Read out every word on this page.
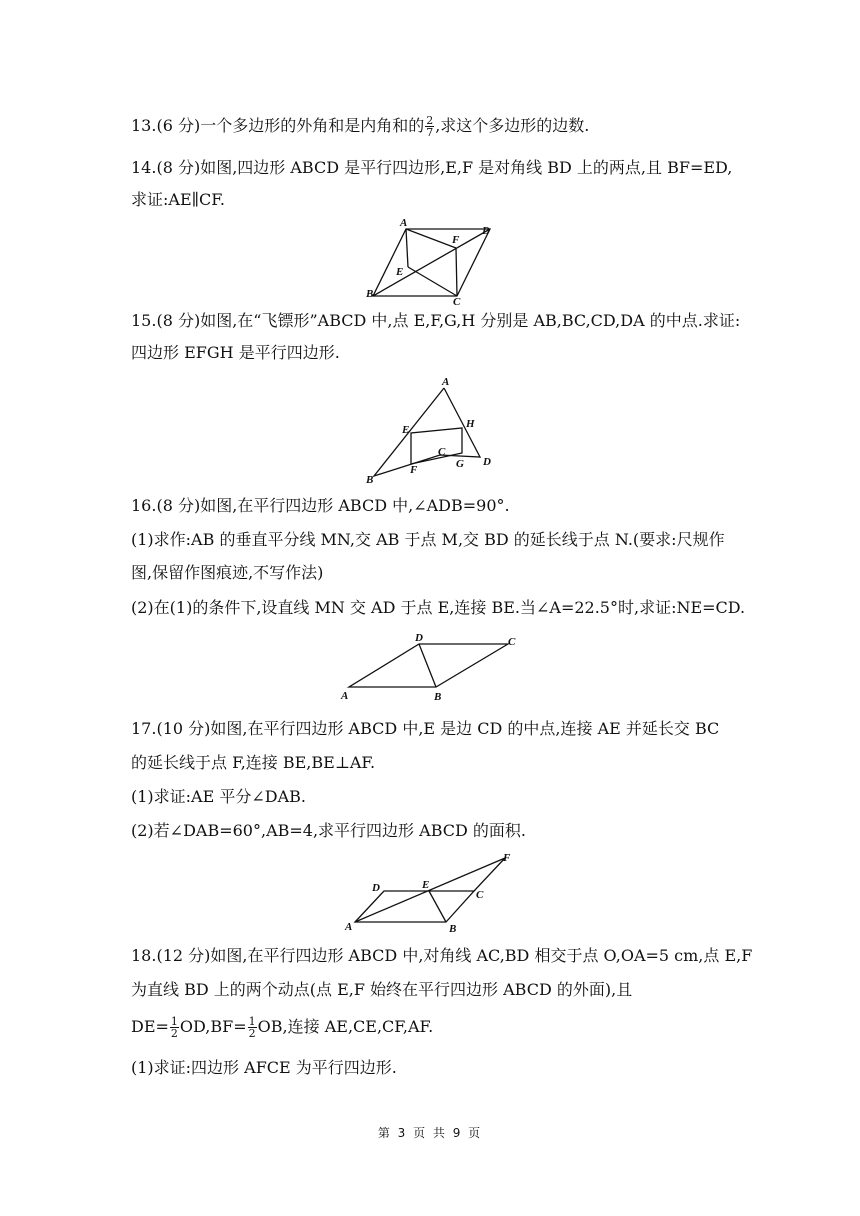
13.(6 分)一个多边形的外角和是内角和的 $\frac{2}{7}$ ,求这个多边形的边数.
14.(8 分)如图,四边形 ABCD 是平行四边形,E,F 是对角线 BD 上的两点,且 BF=ED,
求证:AE∥CF.
A
D
F
E
B
C
15.(8 分)如图,在“飞镖形”ABCD 中,点 E,F,G,H 分别是 AB,BC,CD,DA 的中点.求证:
四边形 EFGH 是平行四边形.
A
E	H
C
G D
F
B
16.(8 分)如图,在平行四边形 ABCD 中,∠ADB=90°.
(1)求作:AB 的垂直平分线 MN,交 AB 于点 M,交 BD 的延长线于点 N.(要求:尺规作
图,保留作图痕迹,不写作法)
(2)在(1)的条件下,设直线 MN 交 AD 于点 E,连接 BE.当∠A=22.5°时,求证:NE=CD.
D	C
A	B
17.(10 分)如图,在平行四边形 ABCD 中,E 是边 CD 的中点,连接 AE 并延长交 BC
的延长线于点 F,连接 BE,BE⊥AF.
(1)求证:AE 平分∠DAB.
(2)若∠DAB=60°,AB=4,求平行四边形 ABCD 的面积.
F
D	E
C
A	B
18.(12 分)如图,在平行四边形 ABCD 中,对角线 AC,BD 相交于点 O,OA=5 cm,点 E,F
为直线 BD 上的两个动点(点 E,F 始终在平行四边形 ABCD 的外面),且
$DE= \frac{1}{2} OD,BF= \frac{1}{2}$ OB,连接 AE,CE,CF,AF.
(1)求证:四边形 AFCE 为平行四边形.
第 3 页 共 9 页
